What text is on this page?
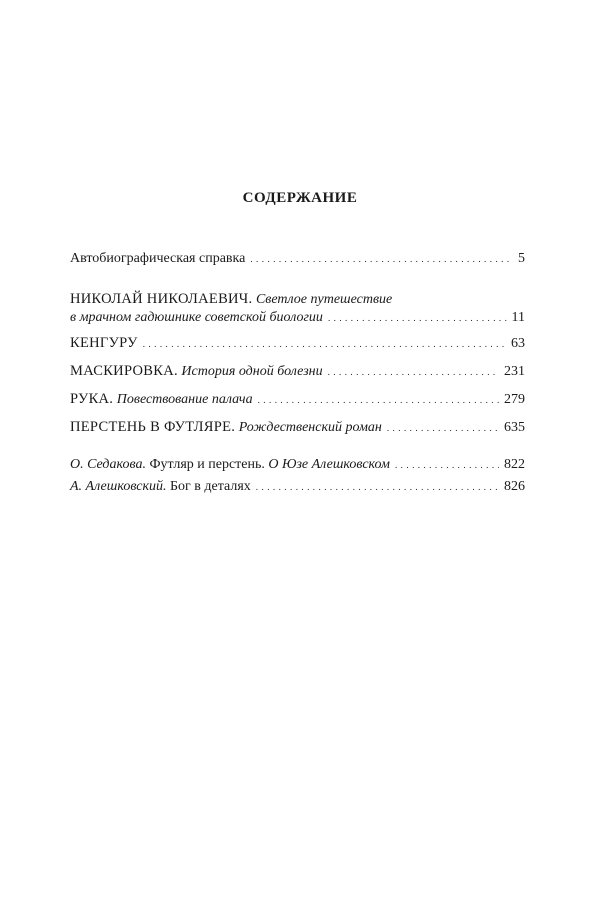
СОДЕРЖАНИЕ
Автобиографическая справка . . .	5
НИКОЛАЙ НИКОЛАЕВИЧ. Светлое путешествие
в мрачном гадюшнике советской биологии . . .	11
КЕНГУРУ . . .	63
МАСКИРОВКА. История одной болезни . . .	231
РУКА. Повествование палача . . .	279
ПЕРСТЕНЬ В ФУТЛЯРЕ. Рождественский роман . . .	635
О. Седакова. Футляр и перстень. О Юзе Алешковском . . .	822
А. Алешковский. Бог в деталях . . .	826
